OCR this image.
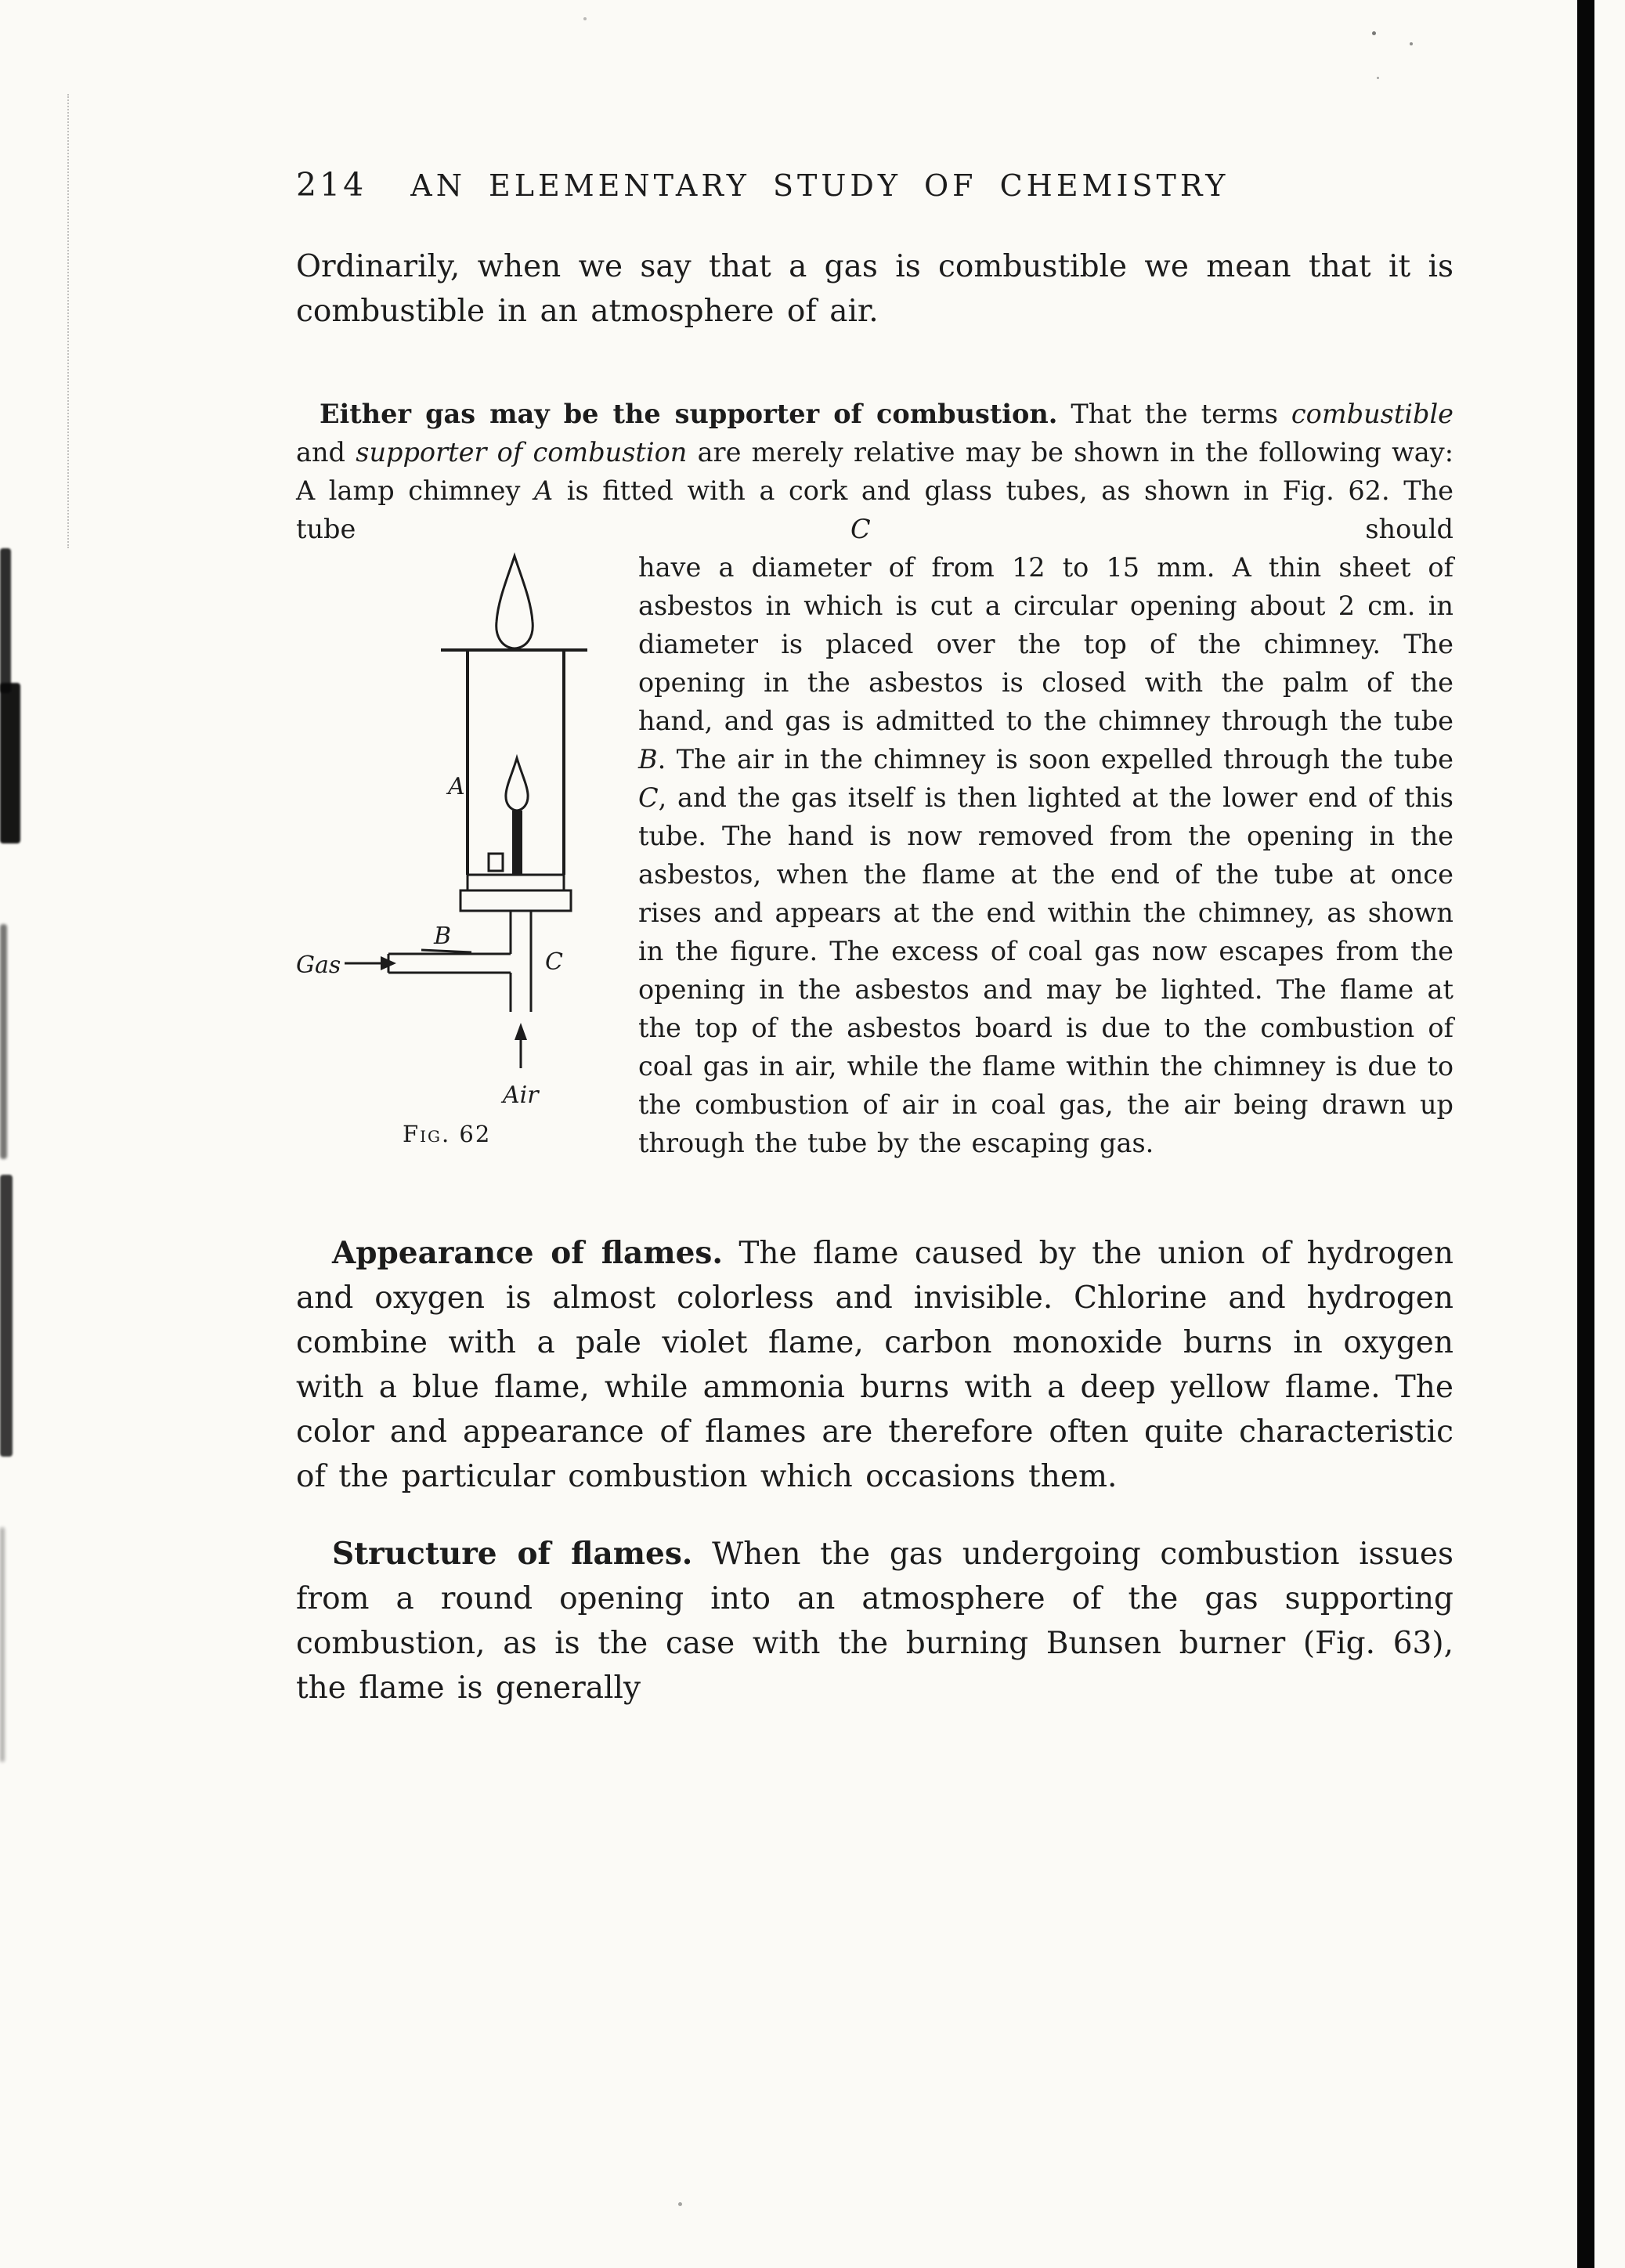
214 AN ELEMENTARY STUDY OF CHEMISTRY

Ordinarily, when we say that a gas is combustible we mean that it is combustible in an atmosphere of air.

Either gas may be the supporter of combustion. That the terms combustible and supporter of combustion are merely relative may be shown in the following way: A lamp chimney A is fitted with a cork and glass tubes, as shown in Fig. 62. The tube C should

A
B
C
Gas
Air
Fig. 62

have a diameter of from 12 to 15 mm. A thin sheet of asbestos in which is cut a circular opening about 2 cm. in diameter is placed over the top of the chimney. The opening in the asbestos is closed with the palm of the hand, and gas is admitted to the chimney through the tube B. The air in the chimney is soon expelled through the tube C, and the gas itself is then lighted at the lower end of this tube. The hand is now removed from the opening in the asbestos, when the flame at the end of the tube at once rises and appears at the end within the chimney, as shown in the figure. The excess of coal gas now escapes from the opening in the asbestos and may be lighted. The flame at the top of the asbestos board is due to the combustion of coal gas in air, while the flame within the chimney is due to the combustion of air in coal gas, the air being drawn up through the tube by the escaping gas.

Appearance of flames. The flame caused by the union of hydrogen and oxygen is almost colorless and invisible. Chlorine and hydrogen combine with a pale violet flame, carbon monoxide burns in oxygen with a blue flame, while ammonia burns with a deep yellow flame. The color and appearance of flames are therefore often quite characteristic of the particular combustion which occasions them.

Structure of flames. When the gas undergoing combustion issues from a round opening into an atmosphere of the gas supporting combustion, as is the case with the burning Bunsen burner (Fig. 63), the flame is generally
